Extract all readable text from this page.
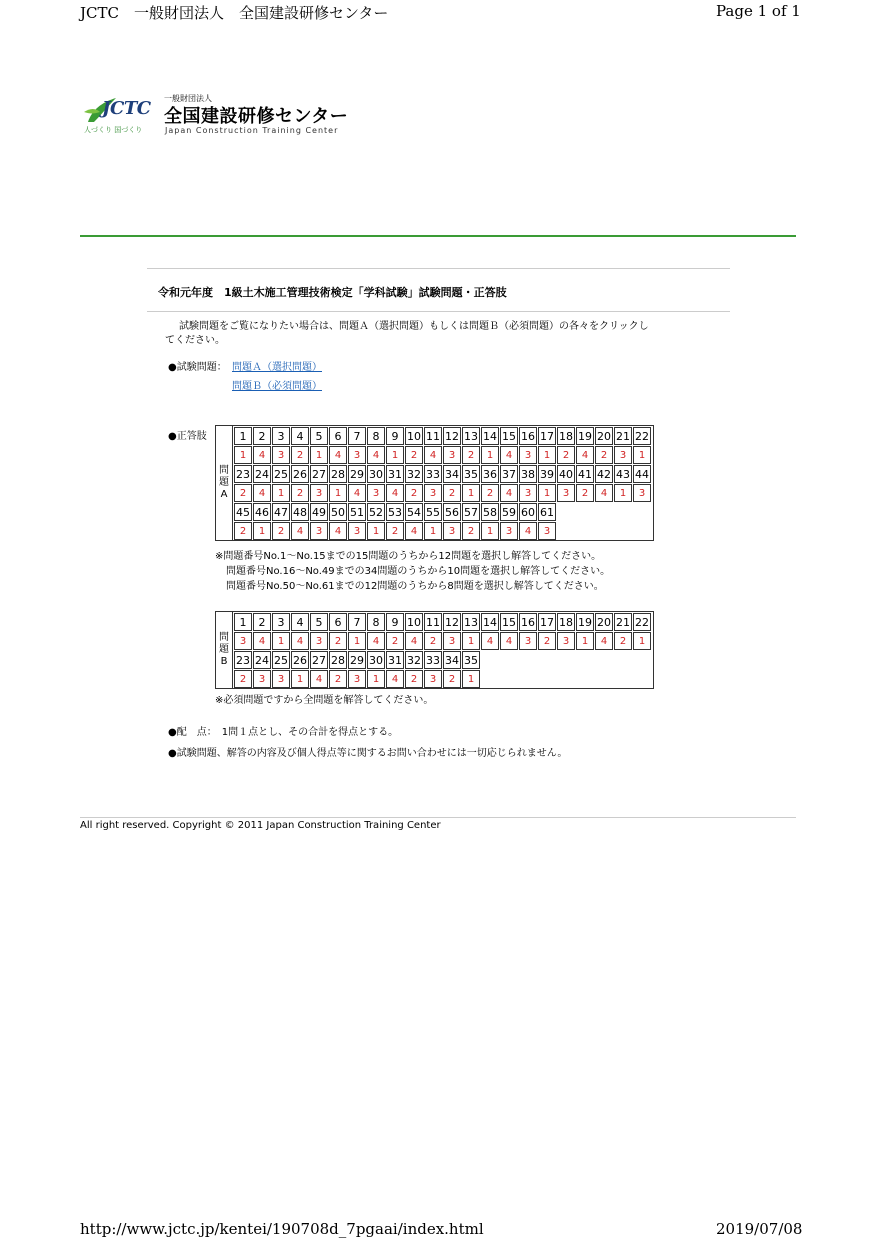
JCTC　一般財団法人　全国建設研修センター	Page 1 of 1
JCTC
人づくり 国づくり
一般財団法人
全国建設研修センター
Japan Construction Training Center
令和元年度　1級土木施工管理技術検定「学科試験」試験問題・正答肢
試験問題をご覧になりたい場合は、問題Ａ（選択問題）もしくは問題Ｂ（必須問題）の各々をクリックしてください。
●試験問題： 問題Ａ（選択問題）
問題Ｂ（必須問題）
●正答肢
問
題
A
1	2	3	4	5	6	7	8	9 10 11 12 13 14 15 16 17 18 19 20 21 22
1	4	3	2	1	4	3	4	1	2	4	3	2	1	4	3	1	2	4	2	3	1
23 24 25 26 27 28 29 30 31 32 33 34 35 36 37 38 39 40 41 42 43 44
2	4	1	2	3	1	4	3	4	2	3	2	1	2	4	3	1	3	2	4	1	3
45 46 47 48 49 50 51 52 53 54 55 56 57 58 59 60 61
2	1	2	4	3	4	3	1	2	4	1	3	2	1	3	4	3
※問題番号No.1～No.15までの15問題のうちから12問題を選択し解答してください。
問題番号No.16～No.49までの34問題のうちから10問題を選択し解答してください。
問題番号No.50～No.61までの12問題のうちから8問題を選択し解答してください。
問
題
B
1	2	3	4	5	6	7	8	9 10 11 12 13 14 15 16 17 18 19 20 21 22
3	4	1	4	3	2	1	4	2	4	2	3	1	4	4	3	2	3	1	4	2	1
23 24 25 26 27 28 29 30 31 32 33 34 35
2	3	3	1	4	2	3	1	4	2	3	2	1
※必須問題ですから全問題を解答してください。
●配　点：　1問１点とし、その合計を得点とする。
●試験問題、解答の内容及び個人得点等に関するお問い合わせには一切応じられません。
All right reserved. Copyright © 2011 Japan Construction Training Center
http://www.jctc.jp/kentei/190708d_7pgaai/index.html	2019/07/08
